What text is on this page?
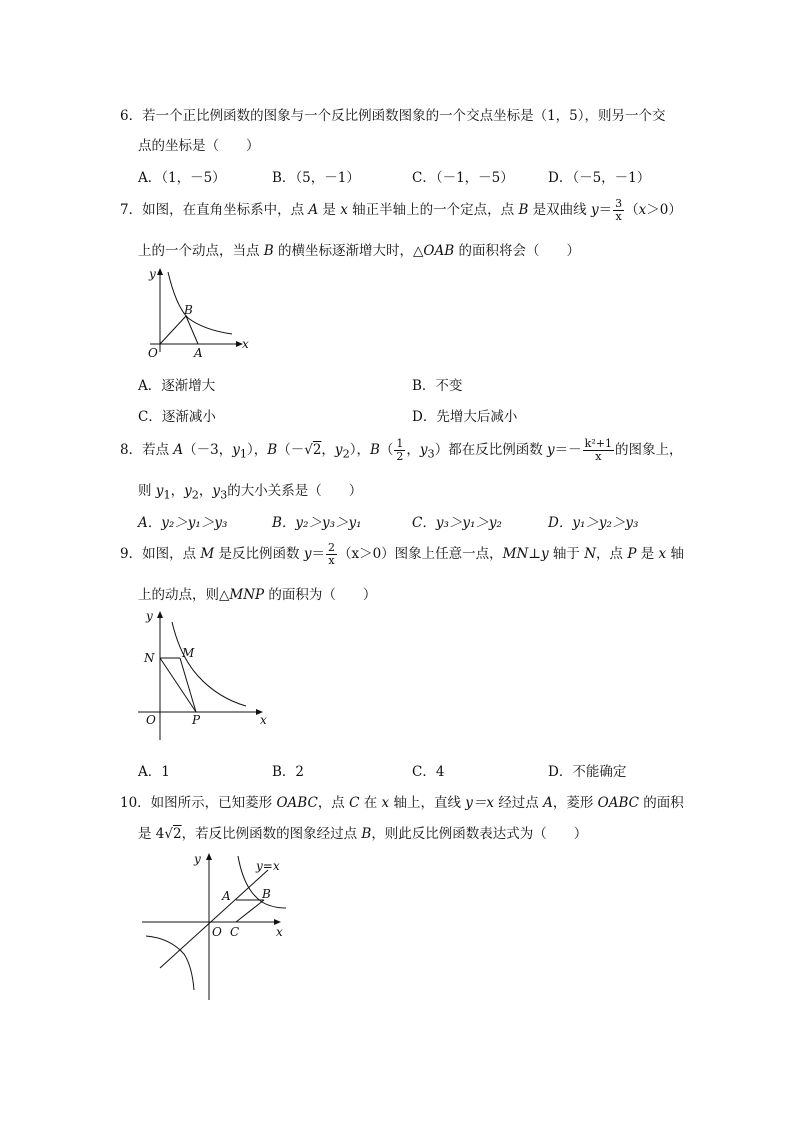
6．若一个正比例函数的图象与一个反比例函数图象的一个交点坐标是（1，5），则另一个交
点的坐标是（　　）
A．（1，－5）	B．（5，－1）	C．（－1，－5）	D．（－5，－1）
7．如图，在直角坐标系中，点 A 是 x 轴正半轴上的一个定点，点 B 是双曲线 $y= \frac{3}{x} (x>0)$
上的一个动点，当点 B 的横坐标逐渐增大时，△OAB 的面积将会（　　）
y
B
O	A
x
A．逐渐增大	B．不变
C．逐渐减小	D．先增大后减小
8．若点 A（－3，$y_1$），B（－√2，$y_2$），$B( \frac{1}{2}$ ，$y_3$）都在反比例函数 $y=- \frac{\text{k²+1}}{x}$ 的图象上，
则 $y_1$，$y_2$，$y_3$的大小关系是（　　）
A．y₂＞y₁＞y₃	B．y₂＞y₃＞y₁	C．y₃＞y₁＞y₂	D．y₁＞y₂＞y₃
9．如图，点 M 是反比例函数 $y= \frac{2}{x} (x>0)$图象上任意一点，MN⊥y 轴于 N，点 P 是 x 轴
上的动点，则△MNP 的面积为（　　）
y
N M
O	P	x
A．1	B．2	C．4	D．不能确定
10．如图所示，已知菱形 OABC，点 C 在 x 轴上，直线 y＝x 经过点 A，菱形 OABC 的面积
是 4√2，若反比例函数的图象经过点 B，则此反比例函数表达式为（　　）
y	y=x
A	B
O C	x
